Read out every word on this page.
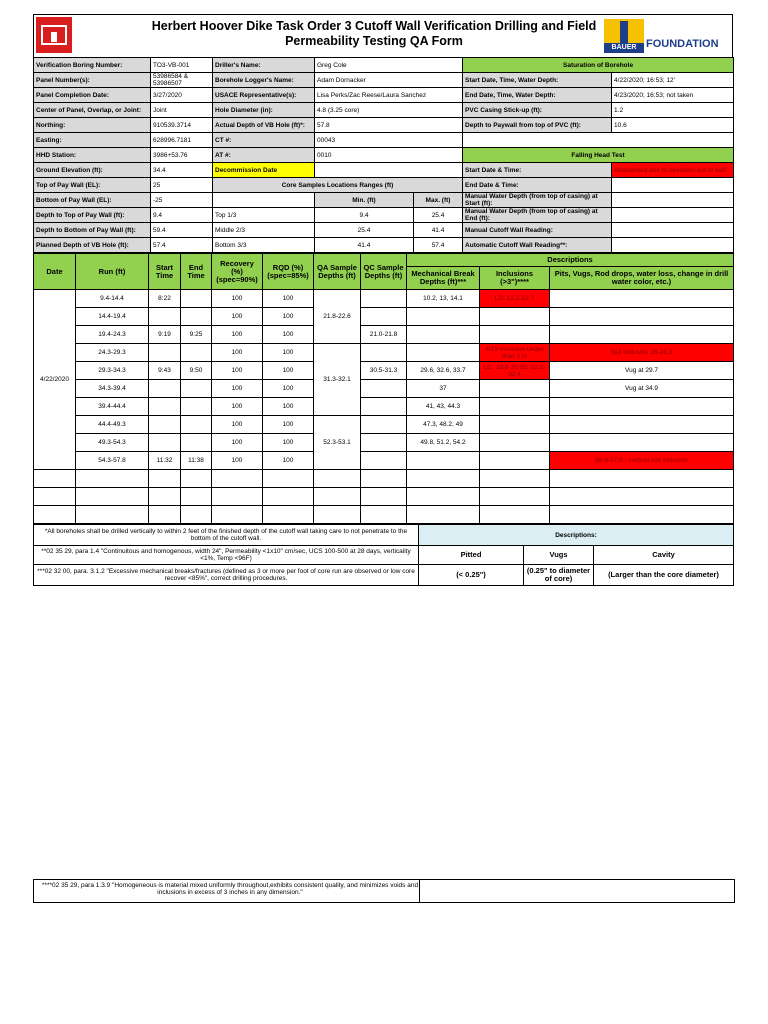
Herbert Hoover Dike Task Order 3 Cutoff Wall Verification Drilling and Field Permeability Testing QA Form	BAUER FOUNDATION
Verification Boring Number:	TO3-VB-001	Driller's Name:	Greg Cole		Saturation of Borehole	
Panel Number(s):	53986584 & 53986507	Borehole Logger's Name:	Adam Dornacker		Start Date, Time, Water Depth:	4/22/2020; 16:53; 12'
Panel Completion Date:	3/27/2020	USACE Representative(s):	Lisa Perks/Zac Reese/Laura Sanchez		End Date, Time, Water Depth:	4/23/2020; 16:53; not taken
Center of Panel, Overlap, or Joint:	Joint	Hole Diameter (in):	4.8 (3.25 core)		PVC Casing Stick-up (ft):	1.2
Northing:	910539.3714	Actual Depth of VB Hole (ft)*:	57.8		Depth to Paywall from top of PVC (ft):	10.6
Easting:	628996.7181	CT #:	00043			
HHD Station:	3986+53.76	AT #:	0010		Falling Head Test	
Ground Elevation (ft):	34.4	Decommission Date			Start Date & Time:	Abandoned due to deviation out of wall
Top of Pay Wall (EL):	25	Core Samples Locations Ranges (ft)			End Date & Time:	
Bottom of Pay Wall (EL):	-25		Min. (ft)	Max. (ft)	Manual Water Depth (from top of casing) at Start (ft):	
Depth to Top of Pay Wall (ft):	9.4	Top 1/3	9.4	25.4	Manual Water Depth (from top of casing) at End (ft):	
Depth to Bottom of Pay Wall (ft):	59.4	Middle 2/3	25.4	41.4	Manual Cutoff Wall Reading:	
Planned Depth of VB Hole (ft):	57.4	Bottom 3/3	41.4	57.4	Automatic Cutoff Wall Reading**:	
Date	Run (ft)	Start Time	End Time	Recovery (%) (spec=90%)	RQD (%) (spec=85%)	QA Sample Depths (ft)	QC Sample Depths (ft)	Descriptions		
								Mechanical Break Depths (ft)***	Inclusions (>3")****	Pits, Vugs, Rod drops, water loss, change in drill water color, etc.)
4/22/2020	9.4-14.4	8:22		100	100	21.8-22.6		10.2, 13, 14.1	LD: 12.2-12.7	
	14.4-19.4			100	100					
	19.4-24.3	9:19	9:25	100	100		21.0-21.8			
	24.3-29.3			100	100	31.3-32.1			4/15 inclusion larger than 3 in	Soil inclusion 28-28.3
	29.3-34.3	9:43	9:50	100	100		30.5-31.3	29.6, 32.6, 33.7	LC: 29.8-30.05; 32.2-32.4	Vug at 29.7
	34.3-39.4			100	100			37		Vug at 34.9
	39.4-44.4			100	100			41, 43, 44.3		
	44.4-49.3			100	100	52.3-53.1		47.3, 48.2, 49		
	49.3-54.3			100	100			49.8, 51.2, 54.2		
	54.3-57.8	11:32	11:38	100	100					56.8-57.8 - vertical soil inclusion

*All boreholes shall be drilled vertically to within 2 feet of the finished depth of the cutoff wall taking care to not penetrate to the bottom of the cutoff wall.	Descriptions:		
**02 35 29, para 1.4 "Continuitous and homogenous, width 24", Permeability <1x10" cm/sec, UCS 100-500 at 28 days, verticality <1%, Temp <96F)	Pitted	Vugs	Cavity
***02 32 00, para. 3.1.2 "Excessive mechanical breaks/fractures (defined as 3 or more per foot of core run are observed or low core recover <85%", correct drilling procedures.	(< 0.25")	(0.25" to diameter of core)	(Larger than the core diameter)
****02 35 29, para 1.3.9 "Homogeneous is material mixed uniformly throughout,exhibits consistent quality, and minimizes voids and inclusions in excess of 3 inches in any dimension."
